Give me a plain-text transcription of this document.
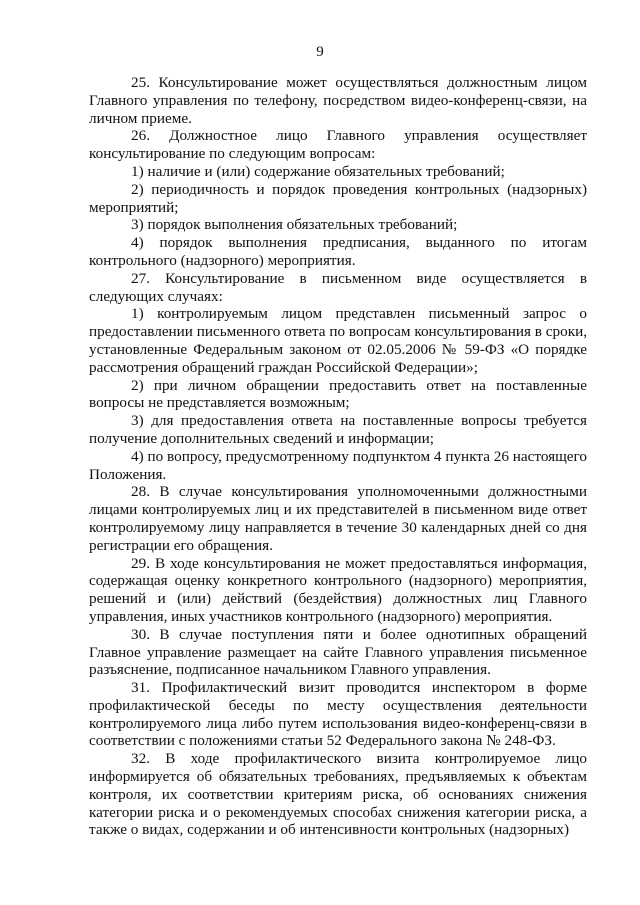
9

25. Консультирование может осуществляться должностным лицом Главного управления по телефону, посредством видео-конференц-связи, на личном приеме.

26. Должностное лицо Главного управления осуществляет консультирование по следующим вопросам:

1) наличие и (или) содержание обязательных требований;

2) периодичность и порядок проведения контрольных (надзорных) мероприятий;

3) порядок выполнения обязательных требований;

4) порядок выполнения предписания, выданного по итогам контрольного (надзорного) мероприятия.

27. Консультирование в письменном виде осуществляется в следующих случаях:

1) контролируемым лицом представлен письменный запрос о предоставлении письменного ответа по вопросам консультирования в сроки, установленные Федеральным законом от 02.05.2006 № 59-ФЗ «О порядке рассмотрения обращений граждан Российской Федерации»;

2) при личном обращении предоставить ответ на поставленные вопросы не представляется возможным;

3) для предоставления ответа на поставленные вопросы требуется получение дополнительных сведений и информации;

4) по вопросу, предусмотренному подпунктом 4 пункта 26 настоящего Положения.

28. В случае консультирования уполномоченными должностными лицами контролируемых лиц и их представителей в письменном виде ответ контролируемому лицу направляется в течение 30 календарных дней со дня регистрации его обращения.

29. В ходе консультирования не может предоставляться информация, содержащая оценку конкретного контрольного (надзорного) мероприятия, решений и (или) действий (бездействия) должностных лиц Главного управления, иных участников контрольного (надзорного) мероприятия.

30. В случае поступления пяти и более однотипных обращений Главное управление размещает на сайте Главного управления письменное разъяснение, подписанное начальником Главного управления.

31. Профилактический визит проводится инспектором в форме профилактической беседы по месту осуществления деятельности контролируемого лица либо путем использования видео-конференц-связи в соответствии с положениями статьи 52 Федерального закона № 248-ФЗ.

32. В ходе профилактического визита контролируемое лицо информируется об обязательных требованиях, предъявляемых к объектам контроля, их соответствии критериям риска, об основаниях снижения категории риска и о рекомендуемых способах снижения категории риска, а также о видах, содержании и об интенсивности контрольных (надзорных)
